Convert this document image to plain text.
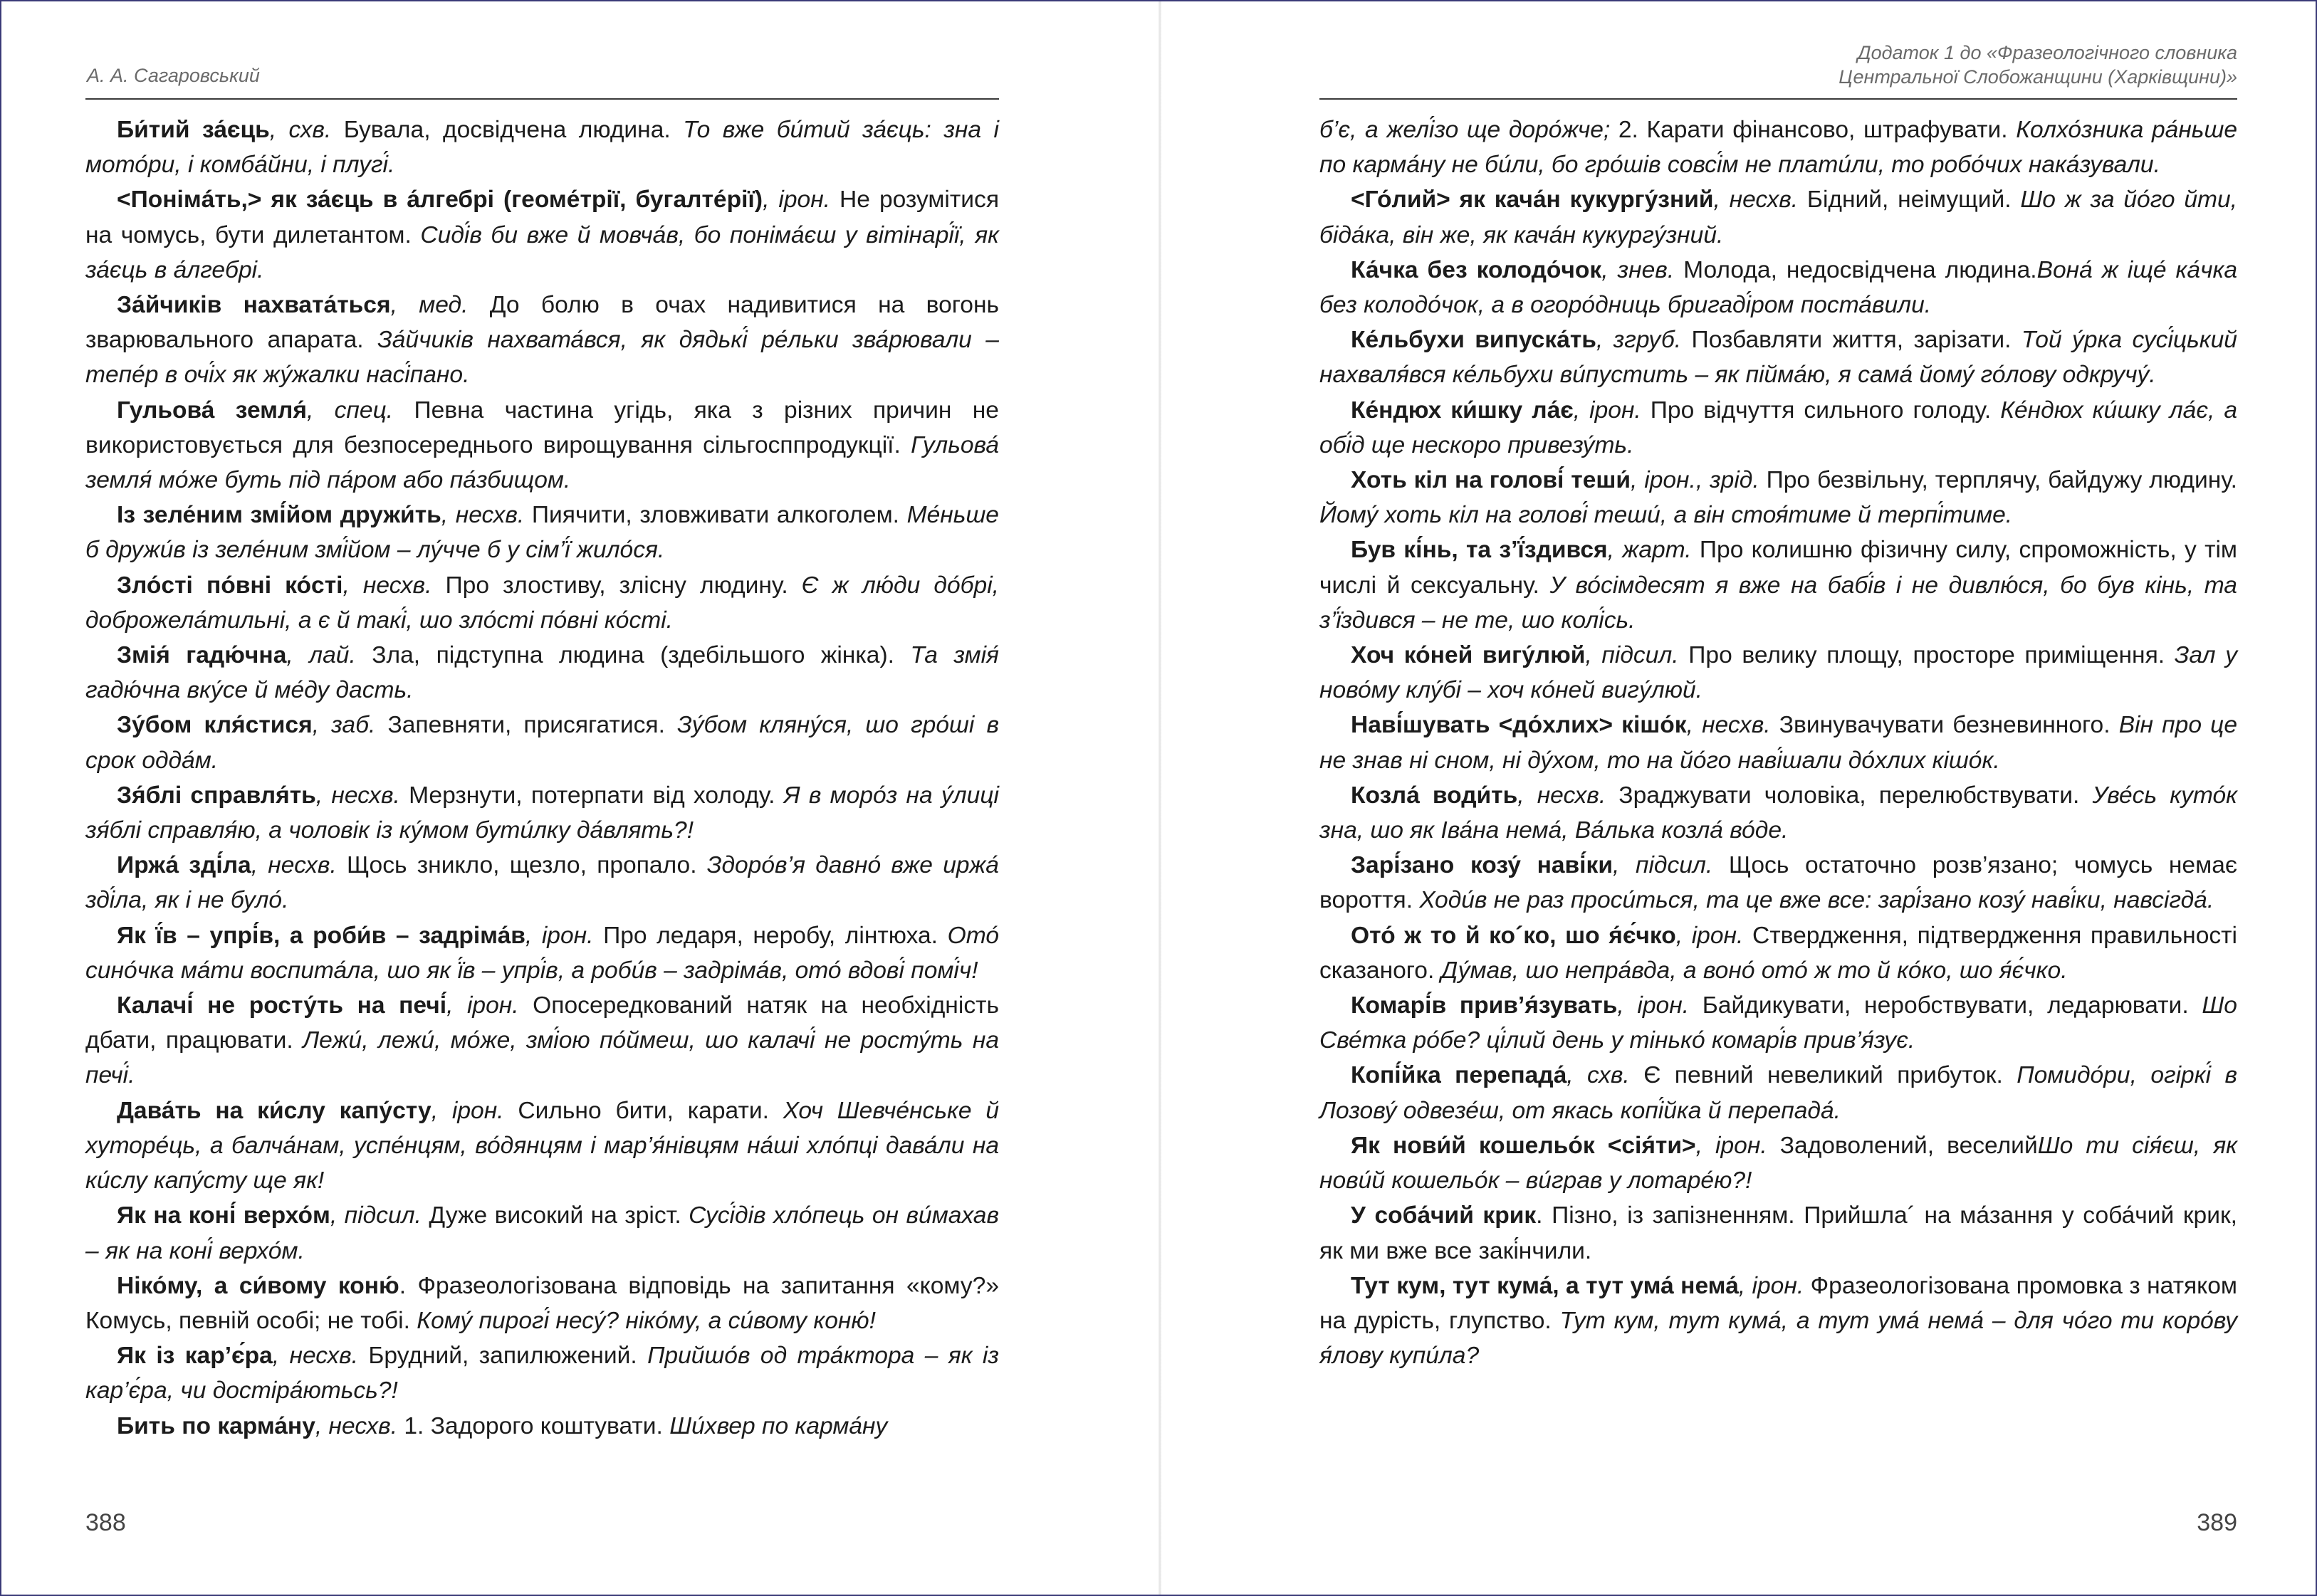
А. А. Сагаровський

Би́тий за́єць, схв. Бувала, досвідчена людина. То вже би́тий за́єць: зна і мото́ри, і комба́йни, і плугі́.

<Понімá́ть,> як за́єць в а́лгебрі (геоме́трії, бугалте́рії), ірон. Не розумітися на чомусь, бути дилетантом. Сиді́в би вже й мовча́в, бо поніма́єш у вітінарі́ї, як за́єць в а́лгебрі.

За́йчиків нахвата́ться, мед. До болю в очах надивитися на вогонь зварювального апарата. За́йчиків нахвата́вся, як дядькі́ ре́льки зва́рювали – тепе́р в очі́х як жу́жалки насі́пано.

Гульова́ земля́, спец. Певна частина угідь, яка з різних причин не використовується для безпосереднього вирощування сільгосппродукції. Гульова́ земля́ мо́же буть під па́ром або па́збищом.

Із зеле́ним змі́йом дружи́ть, несхв. Пиячити, зловживати алкоголем. Ме́ньше б дружи́в із зеле́ним змі́йом – лу́чче б у сім’ї́ жило́ся.

Зло́сті по́вні ко́сті, несхв. Про злостиву, злісну людину. Є ж лю́ди до́брі, доброжела́тильні, а є й такі́, шо зло́сті по́вні ко́сті.

Змія́ гадю́чна, лай. Зла, підступна людина (здебільшого жінка). Та змія́ гадю́чна вку́се й ме́ду дасть.

Зу́бом кля́стися, заб. Запевняти, присягатися. Зу́бом кляну́ся, шо гро́ші в срок одда́м.

Зя́блі справля́ть, несхв. Мерзнути, потерпати від холоду. Я в моро́з на у́лиці зя́блі справля́ю, а чоловік із ку́мом бути́лку да́влять?!

Иржа́ зді́ла, несхв. Щось зникло, щезло, пропало. Здоро́в’я давно́ вже иржа́ зді́ла, як і не було́.

Як ї́в – упрі́в, а роби́в – задріма́в, ірон. Про ледаря, неробу, лінтюха. Ото́ сино́чка ма́ти воспита́ла, шо як ї́в – упрі́в, а роби́в – задріма́в, ото́ вдові́ помі́ч!

Калачі́ не росту́ть на печі́, ірон. Опосередкований натяк на необхідність дбати, працювати. Лежи́, лежи́, мо́же, змі́ою по́ймеш, шо калачі́ не росту́ть на печі́.

Дава́ть на ки́слу капу́сту, ірон. Сильно бити, карати. Хоч Шевче́нське й хуторе́ць, а балча́нам, успе́нцям, во́дянцям і мар’я́нівцям на́ші хло́пці дава́ли на ки́слу капу́сту ще як!

Як на коні́ верхо́м, підсил. Дуже високий на зріст. Сусі́дів хло́пець он ви́махав – як на коні́ верхо́м.

Ніко́му, а си́вому коню́. Фразеологізована відповідь на запитання «кому?» Комусь, певній особі; не тобі. Кому́ пирогі́ несу́? ніко́му, а си́вому коню́!

Як із кар’є́ра, несхв. Брудний, запилюжений. Прийшо́в од тра́ктора – як із кар’є́ра, чи достіра́ютьсь?!

Бить по карма́ну, несхв. 1. Задорого коштувати. Ши́хвер по карма́ну

388
Додаток 1 до «Фразеологічного словника
Центральної Слобожанщини (Харківщини)»

б’є, а желі́зо ще доро́жче; 2. Карати фінансово, штрафувати. Колхо́зника ра́ньше по карма́ну не би́ли, бо гро́шів совсі́м не плати́ли, то робо́чих нака́зували.

<Го́лий> як кача́н кукургу́зний, несхв. Бідний, неімущий. Шо ж за йо́го йти, біда́ка, він же, як кача́н кукургу́зний.

Ка́чка без колодо́чок, знев. Молода, недосвідчена людина.Вона́ ж іще́ ка́чка без колодо́чок, а в огоро́дниць бригаді́ром поста́вили.

Ке́льбухи випуска́ть, згруб. Позбавляти життя, зарізати. Той у́рка сусі́цький нахваля́вся ке́льбухи ви́пустить – як пійма́ю, я сама́ йому́ го́лову одкручу́.

Ке́ндюх ки́шку ла́є, ірон. Про відчуття сильного голоду. Ке́ндюх ки́шку ла́є, а обі́д ще нескоро привезу́ть.

Хоть кіл на голові́ теши́, ірон., зрід. Про безвільну, терплячу, байдужу людину. Йому́ хоть кіл на голові́ теши́, а він стоя́тиме й терпі́тиме.

Був кі́нь, та з’ї́здився, жарт. Про колишню фізичну силу, спроможність, у тім числі й сексуальну. У во́сімдесят я вже на бабі́в і не дивлю́ся, бо був кінь, та з’ї́здився – не те, шо колі́сь.

Хоч ко́ней вигу́люй, підсил. Про велику площу, просторе приміщення. Зал у ново́му клу́бі – хоч ко́ней вигу́люй.

Наві́шувать <до́хлих> кішо́к, несхв. Звинувачувати безневинного. Він про це не знав ні сном, ні ду́хом, то на йо́го наві́шали до́хлих кішо́к.

Козла́ води́ть, несхв. Зраджувати чоловіка, перелюбствувати. Уве́сь куто́к зна, шо як Іва́на нема́, Ва́лька козла́ во́де.

Зарі́зано козу́ наві́ки, підсил. Щось остаточно розв’язано; чомусь немає вороття. Ходи́в не раз проси́ться, та це вже все: зарі́зано козу́ наві́ки, навсігда́.

Ото́ ж то й ко´ко, шо я́є́чко, ірон. Ствердження, підтвердження правильності сказаного. Ду́мав, шо непра́вда, а воно́ ото́ ж то й ко́ко, шо я́є́чко.

Комарі́в прив’я́зувать, ірон. Байдикувати, неробствувати, ледарювати. Шо Све́тка ро́бе? ці́лий день у тінько́ комарі́в прив’я́зує.

Копі́йка перепада́, схв. Є певний невеликий прибуток. Помидо́ри, огіркі́ в Лозову́ одвезе́ш, от якась копі́йка й перепада́.

Як нови́й кошельо́к <сія́ти>, ірон. Задоволений, веселийШо ти сія́єш, як нови́й кошельо́к – ви́грав у лотаре́ю?!

У соба́чий крик. Пізно, із запізненням. Прийшла´ на ма́зання у соба́чий крик, як ми вже все закі́нчили.

Тут кум, тут кума́, а тут ума́ нема́, ірон. Фразеологізована промовка з натяком на дурість, глупство. Тут кум, тут кума́, а тут ума́ нема́ – для чо́го ти коро́ву я́лову купи́ла?

389
